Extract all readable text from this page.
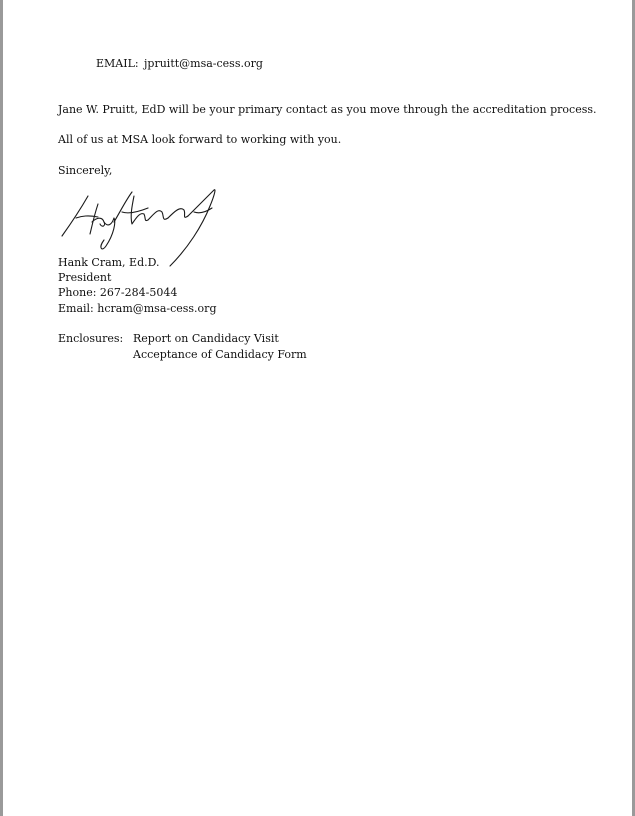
EMAIL: jpruitt@msa-cess.org
Jane W. Pruitt, EdD will be your primary contact as you move through the accreditation process.
All of us at MSA look forward to working with you.
Sincerely,
Hank Cram, Ed.D.
President
Phone: 267-284-5044
Email: hcram@msa-cess.org
Enclosures: Report on Candidacy Visit
Acceptance of Candidacy Form
